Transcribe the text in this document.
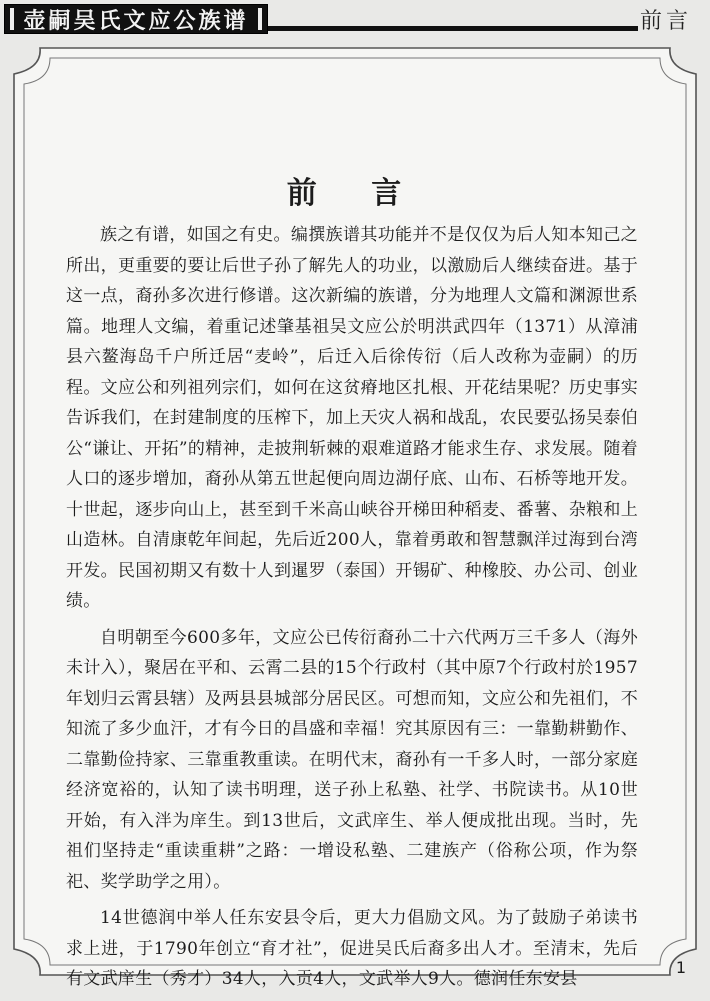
壶嗣吴氏文应公族谱	前言
前 言

族之有谱，如国之有史。编撰族谱其功能并不是仅仅为后人知本知己之所出，更重要的要让后世子孙了解先人的功业，以激励后人继续奋进。基于这一点，裔孙多次进行修谱。这次新编的族谱，分为地理人文篇和渊源世系篇。地理人文编，着重记述肇基祖吴文应公於明洪武四年（1371）从漳浦县六鳌海岛千户所迁居“麦岭”，后迁入后徐传衍（后人改称为壶嗣）的历程。文应公和列祖列宗们，如何在这贫瘠地区扎根、开花结果呢？历史事实告诉我们，在封建制度的压榨下，加上天灾人祸和战乱，农民要弘扬吴泰伯公“谦让、开拓”的精神，走披荆斩棘的艰难道路才能求生存、求发展。随着人口的逐步增加，裔孙从第五世起便向周边湖仔底、山布、石桥等地开发。十世起，逐步向山上，甚至到千米高山峡谷开梯田种稻麦、番薯、杂粮和上山造林。自清康乾年间起，先后近200人，靠着勇敢和智慧飘洋过海到台湾开发。民国初期又有数十人到暹罗（泰国）开锡矿、种橡胶、办公司、创业绩。

自明朝至今600多年，文应公已传衍裔孙二十六代两万三千多人（海外未计入），聚居在平和、云霄二县的15个行政村（其中原7个行政村於1957年划归云霄县辖）及两县县城部分居民区。可想而知，文应公和先祖们，不知流了多少血汗，才有今日的昌盛和幸福！究其原因有三：一靠勤耕勤作、二靠勤俭持家、三靠重教重读。在明代末，裔孙有一千多人时，一部分家庭经济宽裕的，认知了读书明理，送子孙上私塾、社学、书院读书。从10世开始，有入泮为庠生。到13世后，文武庠生、举人便成批出现。当时，先祖们坚持走“重读重耕”之路：一增设私塾、二建族产（俗称公项，作为祭祀、奖学助学之用）。

14世德润中举人任东安县令后，更大力倡励文风。为了鼓励子弟读书求上进，于1790年创立“育才社”，促进吴氏后裔多出人才。至清末，先后有文武庠生（秀才）34人，入贡4人，文武举人9人。德润任东安县

1
